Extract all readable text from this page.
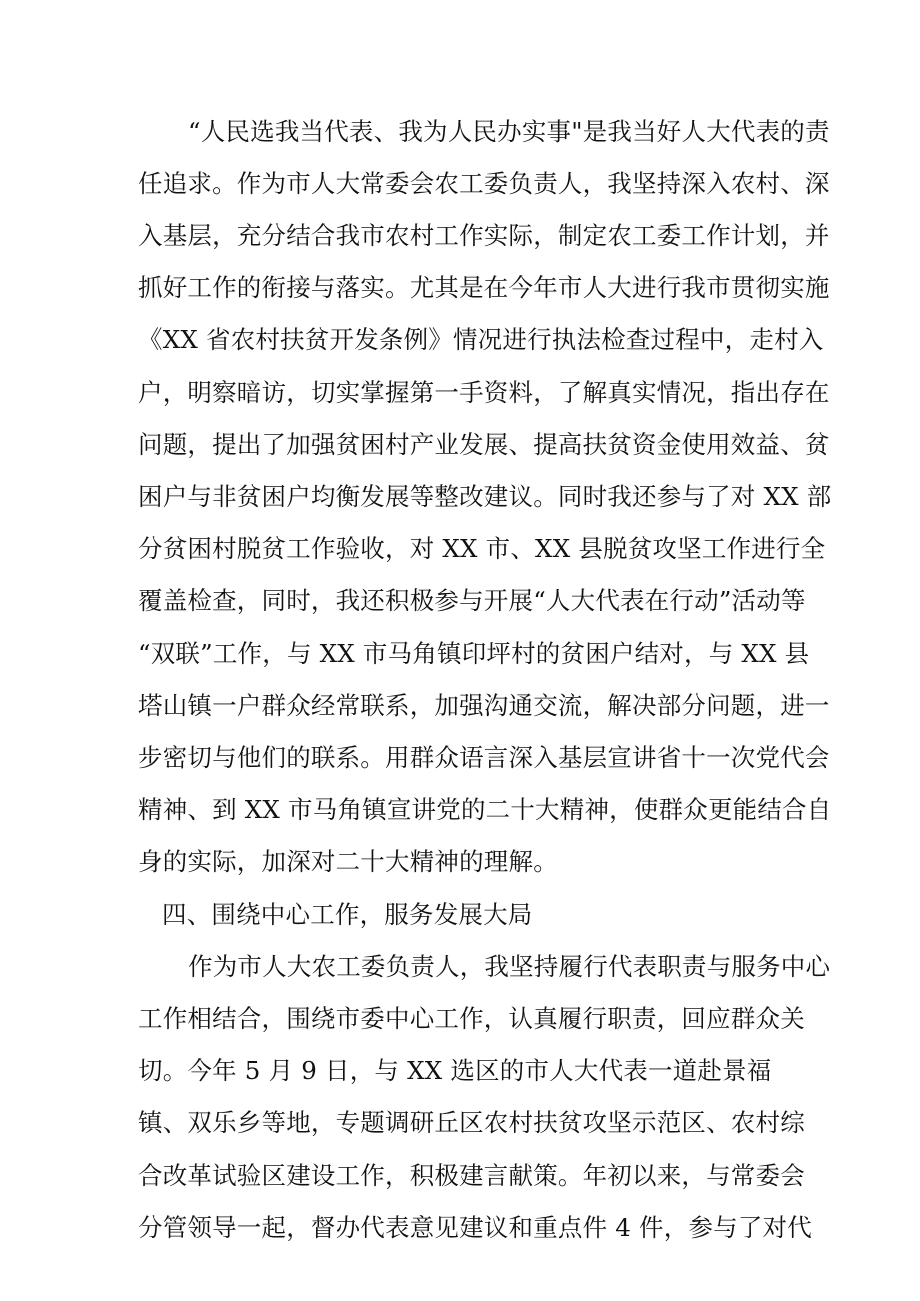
“人民选我当代表、我为人民办实事"是我当好人大代表的责
任追求。作为市人大常委会农工委负责人，我坚持深入农村、深
入基层，充分结合我市农村工作实际，制定农工委工作计划，并
抓好工作的衔接与落实。尤其是在今年市人大进行我市贯彻实施
《XX 省农村扶贫开发条例》情况进行执法检查过程中，走村入
户，明察暗访，切实掌握第一手资料，了解真实情况，指出存在
问题，提出了加强贫困村产业发展、提高扶贫资金使用效益、贫
困户与非贫困户均衡发展等整改建议。同时我还参与了对 XX 部
分贫困村脱贫工作验收，对 XX 市、XX 县脱贫攻坚工作进行全
覆盖检查，同时，我还积极参与开展“人大代表在行动”活动等
“双联”工作，与 XX 市马角镇印坪村的贫困户结对，与 XX 县
塔山镇一户群众经常联系，加强沟通交流，解决部分问题，进一
步密切与他们的联系。用群众语言深入基层宣讲省十一次党代会
精神、到 XX 市马角镇宣讲党的二十大精神，使群众更能结合自
身的实际，加深对二十大精神的理解。
四、围绕中心工作，服务发展大局
作为市人大农工委负责人，我坚持履行代表职责与服务中心
工作相结合，围绕市委中心工作，认真履行职责，回应群众关
切。今年 5 月 9 日，与 XX 选区的市人大代表一道赴景福
镇、双乐乡等地，专题调研丘区农村扶贫攻坚示范区、农村综
合改革试验区建设工作，积极建言献策。年初以来，与常委会
分管领导一起，督办代表意见建议和重点件 4 件，参与了对代
